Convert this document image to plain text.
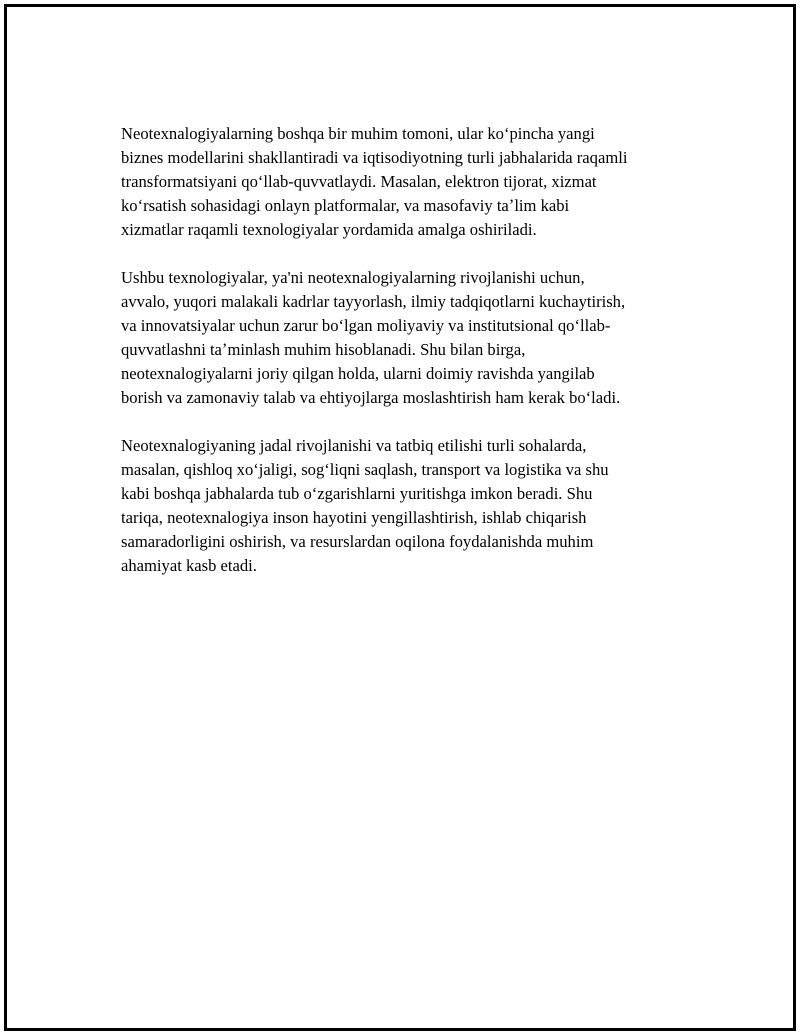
Neotexnalogiyalarning boshqa bir muhim tomoni, ular koʻpincha yangi
biznes modellarini shakllantiradi va iqtisodiyotning turli jabhalarida raqamli
transformatsiyani qoʻllab-quvvatlaydi. Masalan, elektron tijorat, xizmat
koʻrsatish sohasidagi onlayn platformalar, va masofaviy taʼlim kabi
xizmatlar raqamli texnologiyalar yordamida amalga oshiriladi.

Ushbu texnologiyalar, ya'ni neotexnalogiyalarning rivojlanishi uchun,
avvalo, yuqori malakali kadrlar tayyorlash, ilmiy tadqiqotlarni kuchaytirish,
va innovatsiyalar uchun zarur boʻlgan moliyaviy va institutsional qoʻllab-
quvvatlashni taʼminlash muhim hisoblanadi. Shu bilan birga,
neotexnalogiyalarni joriy qilgan holda, ularni doimiy ravishda yangilab
borish va zamonaviy talab va ehtiyojlarga moslashtirish ham kerak boʻladi.

Neotexnalogiyaning jadal rivojlanishi va tatbiq etilishi turli sohalarda,
masalan, qishloq xoʻjaligi, sogʻliqni saqlash, transport va logistika va shu
kabi boshqa jabhalarda tub oʻzgarishlarni yuritishga imkon beradi. Shu
tariqa, neotexnalogiya inson hayotini yengillashtirish, ishlab chiqarish
samaradorligini oshirish, va resurslardan oqilona foydalanishda muhim
ahamiyat kasb etadi.
